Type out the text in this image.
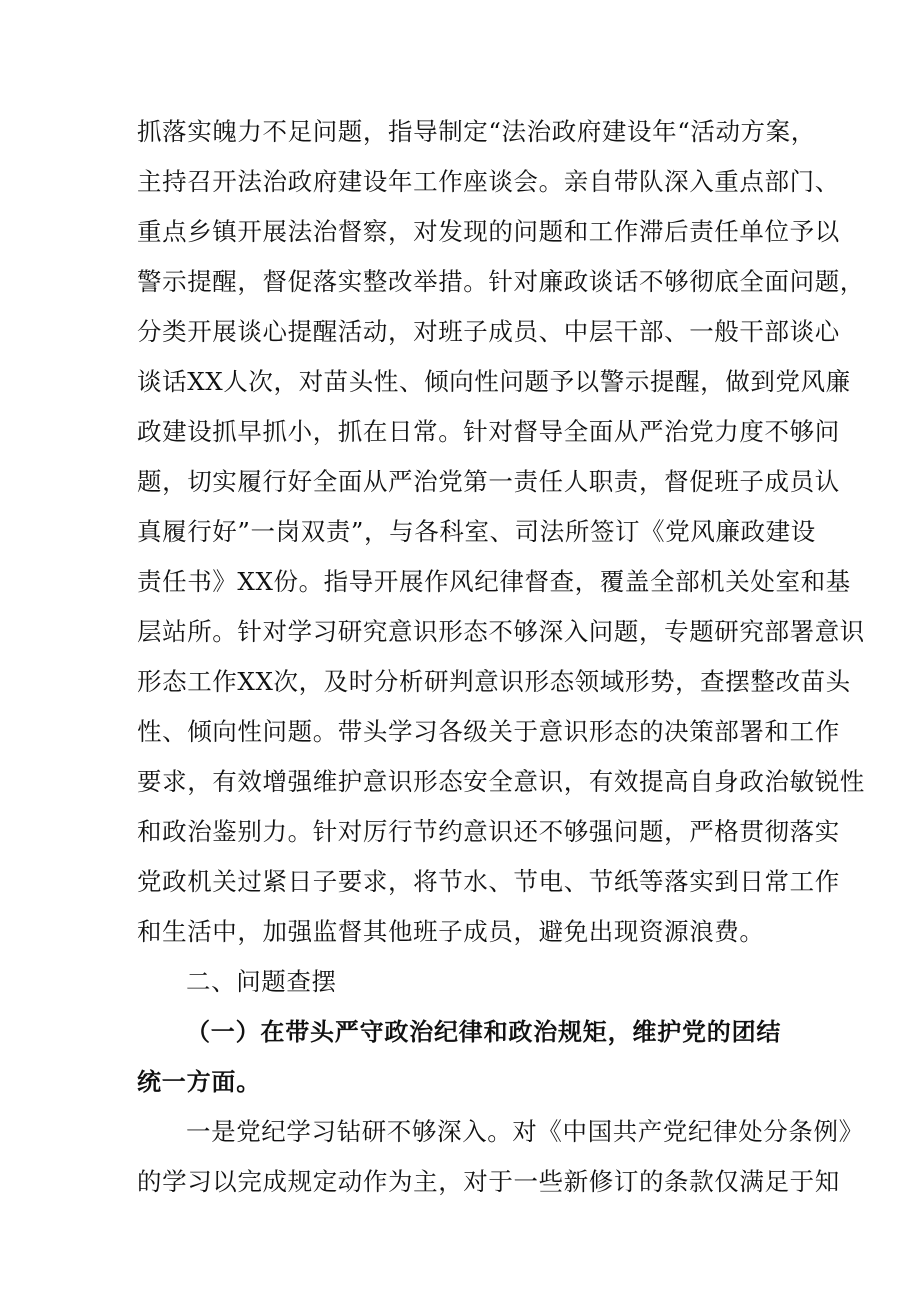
抓落实魄力不足问题，指导制定“法治政府建设年“活动方案，
主持召开法治政府建设年工作座谈会。亲自带队深入重点部门、
重点乡镇开展法治督察，对发现的问题和工作滞后责任单位予以
警示提醒，督促落实整改举措。针对廉政谈话不够彻底全面问题，
分类开展谈心提醒活动，对班子成员、中层干部、一般干部谈心
谈话XX人次，对苗头性、倾向性问题予以警示提醒，做到党风廉
政建设抓早抓小，抓在日常。针对督导全面从严治党力度不够问
题，切实履行好全面从严治党第一责任人职责，督促班子成员认
真履行好”一岗双责”，与各科室、司法所签订《党风廉政建设
责任书》XX份。指导开展作风纪律督查，覆盖全部机关处室和基
层站所。针对学习研究意识形态不够深入问题，专题研究部署意识
形态工作XX次，及时分析研判意识形态领域形势，查摆整改苗头
性、倾向性问题。带头学习各级关于意识形态的决策部署和工作
要求，有效增强维护意识形态安全意识，有效提高自身政治敏锐性
和政治鉴别力。针对厉行节约意识还不够强问题，严格贯彻落实
党政机关过紧日子要求，将节水、节电、节纸等落实到日常工作
和生活中，加强监督其他班子成员，避免出现资源浪费。
二、问题查摆
（一）在带头严守政治纪律和政治规矩，维护党的团结
统一方面。
一是党纪学习钻研不够深入。对《中国共产党纪律处分条例》
的学习以完成规定动作为主，对于一些新修订的条款仅满足于知
